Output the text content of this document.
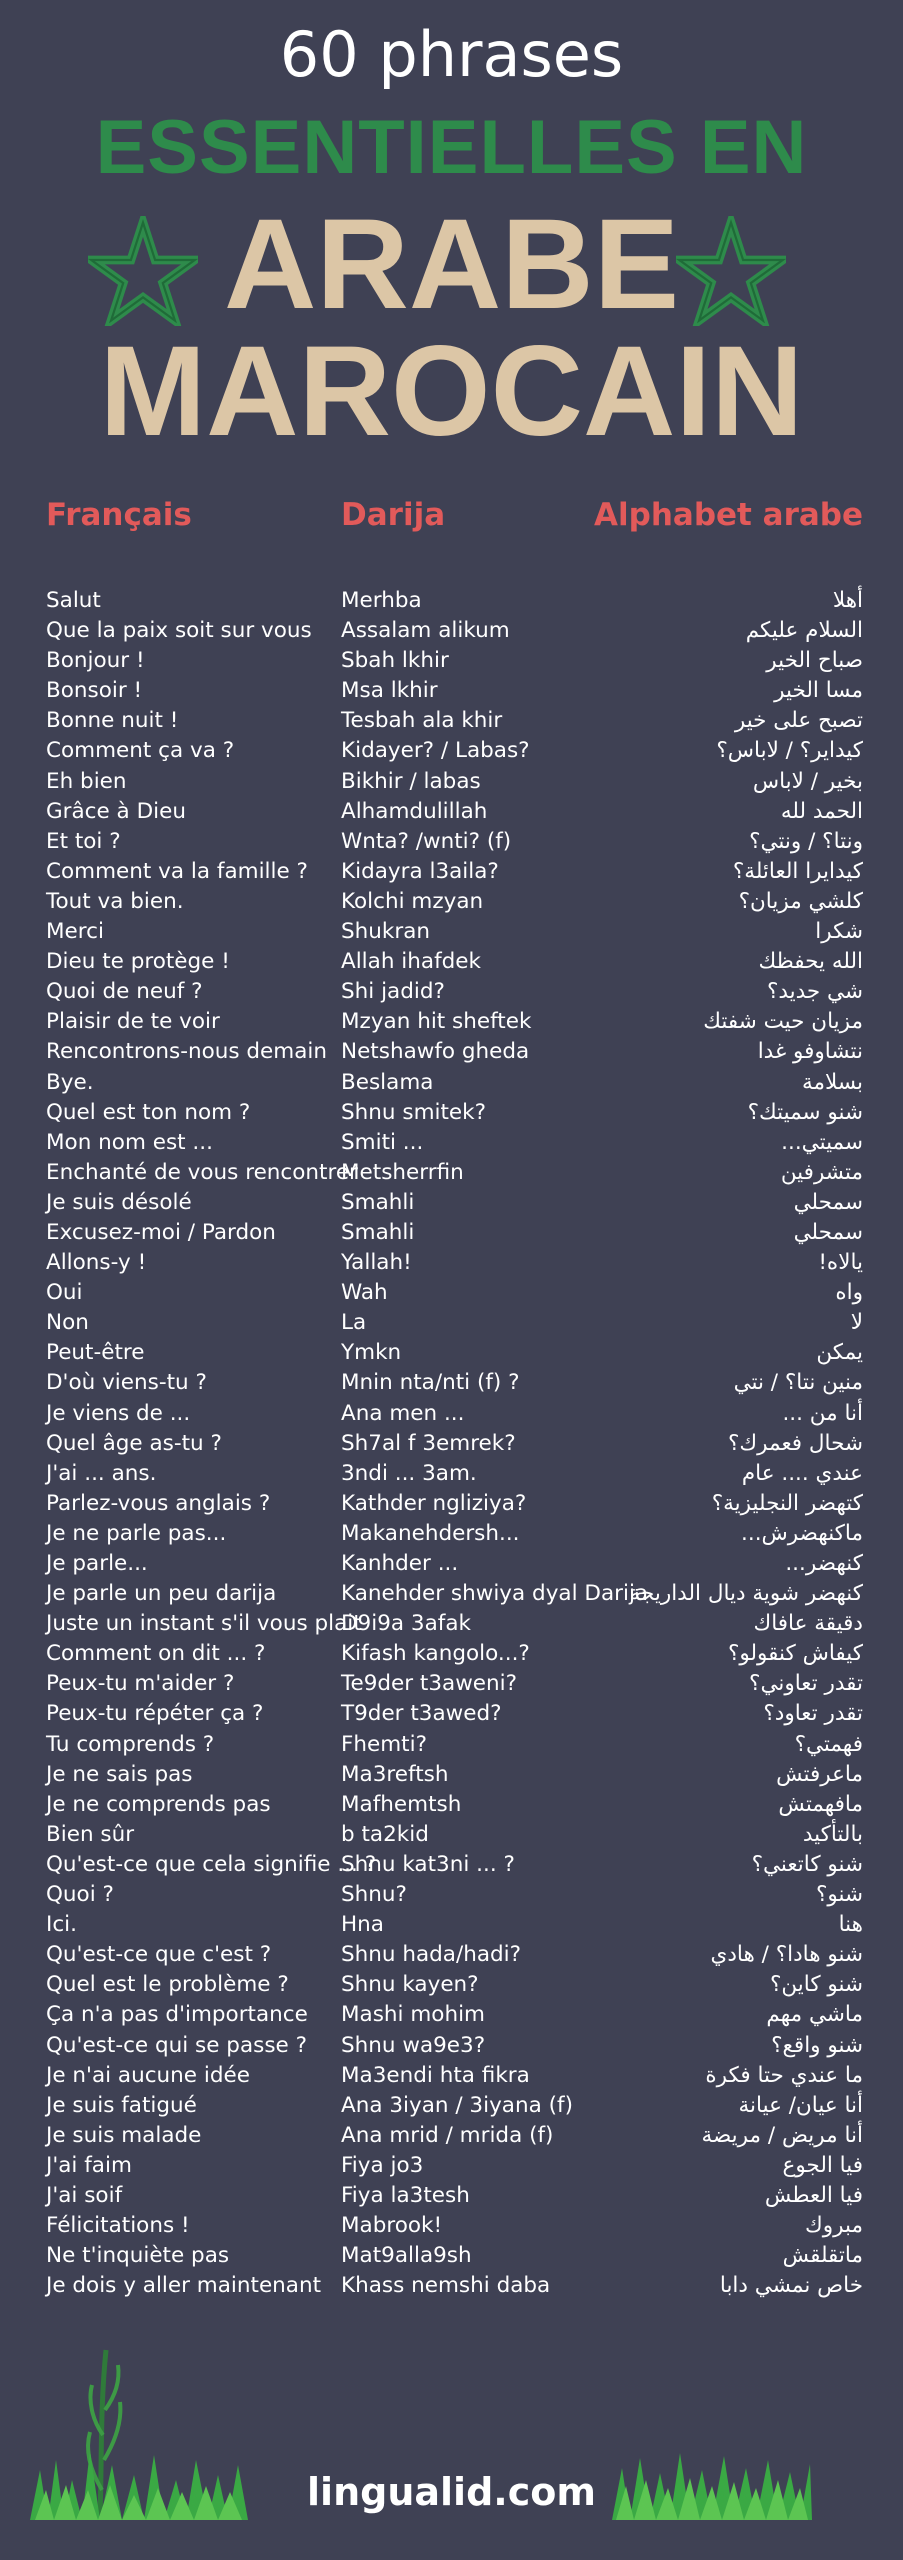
60 phrases
ESSENTIELLES EN
ARABE
MAROCAIN
Français	Darija	Alphabet arabe
Salut
Que la paix soit sur vous
Bonjour !
Bonsoir !
Bonne nuit !
Comment ça va ?
Eh bien
Grâce à Dieu
Et toi ?
Comment va la famille ?
Tout va bien.
Merci
Dieu te protège !
Quoi de neuf ?
Plaisir de te voir
Rencontrons-nous demain
Bye.
Quel est ton nom ?
Mon nom est ...
Enchanté de vous rencontrer
Je suis désolé
Excusez-moi / Pardon
Allons-y !
Oui
Non
Peut-être
D'où viens-tu ?
Je viens de ...
Quel âge as-tu ?
J'ai ... ans.
Parlez-vous anglais ?
Je ne parle pas...
Je parle...
Je parle un peu darija
Juste un instant s'il vous plait
Comment on dit ... ?
Peux-tu m'aider ?
Peux-tu répéter ça ?
Tu comprends ?
Je ne sais pas
Je ne comprends pas
Bien sûr
Qu'est-ce que cela signifie ... ?
Quoi ?
Ici.
Qu'est-ce que c'est ?
Quel est le problème ?
Ça n'a pas d'importance
Qu'est-ce qui se passe ?
Je n'ai aucune idée
Je suis fatigué
Je suis malade
J'ai faim
J'ai soif
Félicitations !
Ne t'inquiète pas
Je dois y aller maintenant
Merhba
Assalam alikum
Sbah lkhir
Msa lkhir
Tesbah ala khir
Kidayer? / Labas?
Bikhir / labas
Alhamdulillah
Wnta? /wnti? (f)
Kidayra l3aila?
Kolchi mzyan
Shukran
Allah ihafdek
Shi jadid?
Mzyan hit sheftek
Netshawfo gheda
Beslama
Shnu smitek?
Smiti ...
Metsherrfin
Smahli
Smahli
Yallah!
Wah
La
Ymkn
Mnin nta/nti (f) ?
Ana men ...
Sh7al f 3emrek?
3ndi ... 3am.
Kathder ngliziya?
Makanehdersh...
Kanhder ...
Kanehder shwiya dyal Darija
D9i9a 3afak
Kifash kangolo...?
Te9der t3aweni?
T9der t3awed?
Fhemti?
Ma3reftsh
Mafhemtsh
b ta2kid
Shnu kat3ni ... ?
Shnu?
Hna
Shnu hada/hadi?
Shnu kayen?
Mashi mohim
Shnu wa9e3?
Ma3endi hta fikra
Ana 3iyan / 3iyana (f)
Ana mrid / mrida (f)
Fiya jo3
Fiya la3tesh
Mabrook!
Mat9alla9sh
Khass nemshi daba
أهلا
السلام عليكم
صباح الخير
مسا الخير
تصبح على خير
كيداير؟ / لاباس؟
بخير / لاباس
الحمد لله
ونتا؟ / ونتي؟
كيدايرا العائلة؟
كلشي مزيان؟
شكرا
الله يحفظك
شي جديد؟
مزيان حيت شفتك
نتشاوفو غدا
بسلامة
شنو سميتك؟
سميتي...
متشرفين
سمحلي
سمحلي
يالاه!
واه
لا
يمكن
منين نتا؟ / نتي
أنا من ...
شحال فعمرك؟
عندي .... عام
كتهضر النجليزية؟
ماكنهضرش...
كنهضر...
كنهضر شوية ديال الداريجة
دقيقة عافاك
كيفاش كنقولو؟
تقدر تعاوني؟
تقدر تعاود؟
فهمتي؟
ماعرفتش
مافهمتش
بالتأكيد
شنو كاتعني؟
شنو؟
هنا
شنو هادا؟ / هادي
شنو كاين؟
ماشي مهم
شنو واقع؟
ما عندي حتا فكرة
أنا عيان/ عيانة
أنا مريض / مريضة
فيا الجوع
فيا العطش
مبروك
ماتقلقش
خاص نمشي دابا
lingualid.com
